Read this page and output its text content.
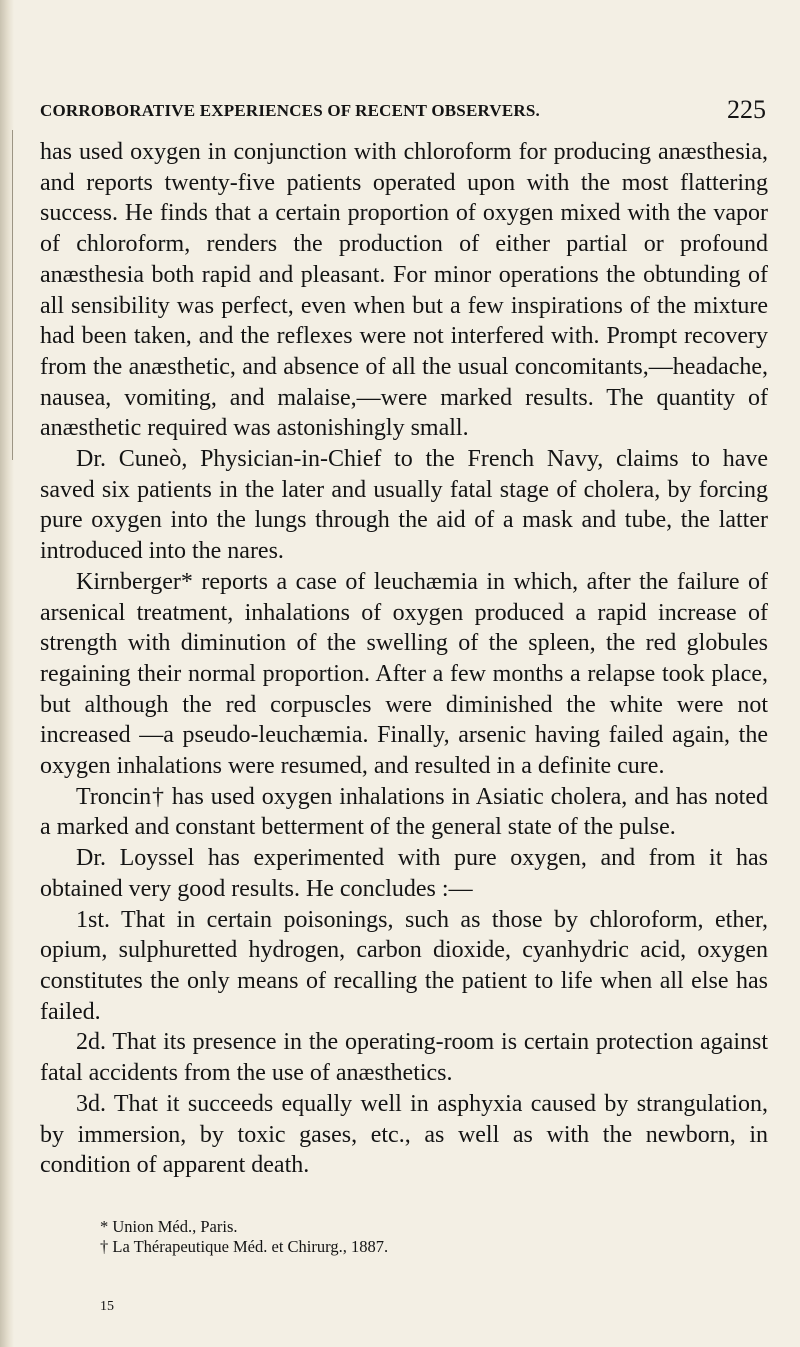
CORROBORATIVE EXPERIENCES OF RECENT OBSERVERS.	225

has used oxygen in conjunction with chloroform for producing anæsthesia, and reports twenty-five patients operated upon with the most flattering success. He finds that a certain proportion of oxygen mixed with the vapor of chloroform, renders the production of either partial or profound anæsthesia both rapid and pleasant. For minor operations the obtunding of all sensibility was perfect, even when but a few inspirations of the mixture had been taken, and the reflexes were not interfered with. Prompt recovery from the anæsthetic, and absence of all the usual concomitants,—headache, nausea, vomiting, and malaise,—were marked results. The quantity of anæsthetic required was astonishingly small.

Dr. Cuneò, Physician-in-Chief to the French Navy, claims to have saved six patients in the later and usually fatal stage of cholera, by forcing pure oxygen into the lungs through the aid of a mask and tube, the latter introduced into the nares.

Kirnberger* reports a case of leuchæmia in which, after the failure of arsenical treatment, inhalations of oxygen produced a rapid increase of strength with diminution of the swelling of the spleen, the red globules regaining their normal proportion. After a few months a relapse took place, but although the red corpuscles were diminished the white were not increased —a pseudo-leuchæmia. Finally, arsenic having failed again, the oxygen inhalations were resumed, and resulted in a definite cure.

Troncin† has used oxygen inhalations in Asiatic cholera, and has noted a marked and constant betterment of the general state of the pulse.

Dr. Loyssel has experimented with pure oxygen, and from it has obtained very good results. He concludes :—

1st. That in certain poisonings, such as those by chloroform, ether, opium, sulphuretted hydrogen, carbon dioxide, cyanhydric acid, oxygen constitutes the only means of recalling the patient to life when all else has failed.

2d. That its presence in the operating-room is certain protection against fatal accidents from the use of anæsthetics.

3d. That it succeeds equally well in asphyxia caused by strangulation, by immersion, by toxic gases, etc., as well as with the newborn, in condition of apparent death.

* Union Méd., Paris.
† La Thérapeutique Méd. et Chirurg., 1887.
15
